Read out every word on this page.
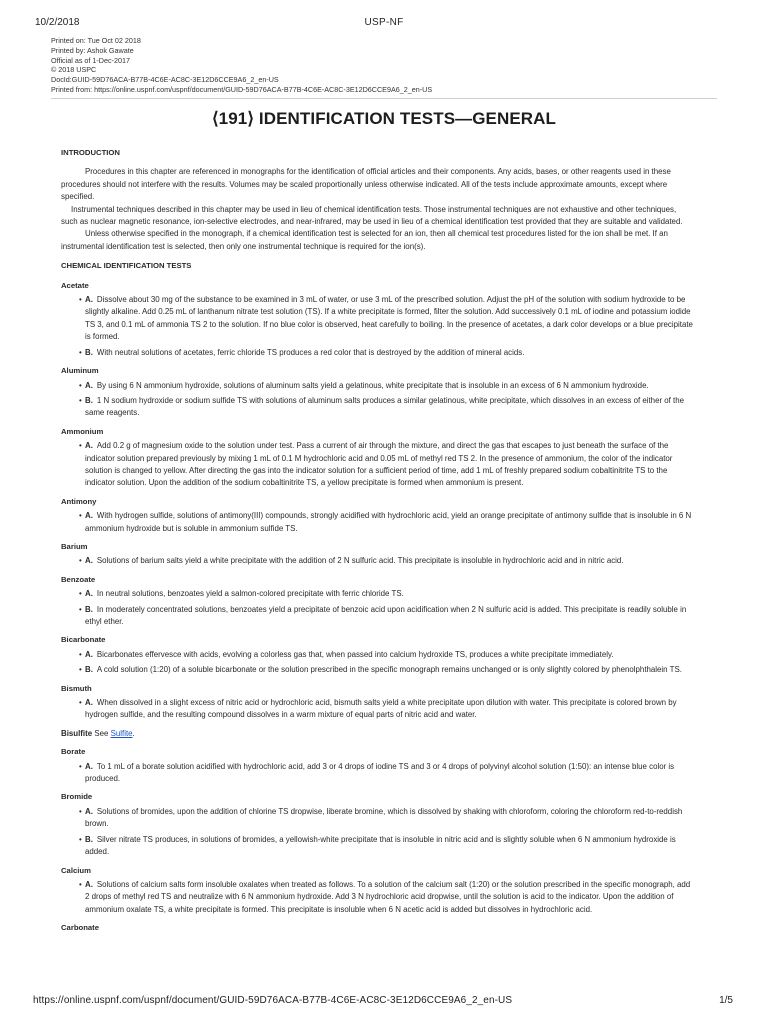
10/2/2018	USP-NF
Printed on: Tue Oct 02 2018
Printed by: Ashok Gawate
Official as of 1-Dec-2017
© 2018 USPC
DocId:GUID-59D76ACA-B77B-4C6E-AC8C-3E12D6CCE9A6_2_en-US
Printed from: https://online.uspnf.com/uspnf/document/GUID-59D76ACA-B77B-4C6E-AC8C-3E12D6CCE9A6_2_en-US
⟨191⟩ IDENTIFICATION TESTS—GENERAL
INTRODUCTION

Procedures in this chapter are referenced in monographs for the identification of official articles and their components. Any acids, bases, or other reagents used in these procedures should not interfere with the results. Volumes may be scaled proportionally unless otherwise indicated. All of the tests include approximate amounts, except where specified.

Instrumental techniques described in this chapter may be used in lieu of chemical identification tests. Those instrumental techniques are not exhaustive and other techniques, such as nuclear magnetic resonance, ion-selective electrodes, and near-infrared, may be used in lieu of a chemical identification test provided that they are suitable and validated.

Unless otherwise specified in the monograph, if a chemical identification test is selected for an ion, then all chemical test procedures listed for the ion shall be met. If an instrumental identification test is selected, then only one instrumental technique is required for the ion(s).

CHEMICAL IDENTIFICATION TESTS
Acetate
• A. Dissolve about 30 mg of the substance to be examined in 3 mL of water, or use 3 mL of the prescribed solution. Adjust the pH of the solution with sodium hydroxide to be slightly alkaline. Add 0.25 mL of lanthanum nitrate test solution (TS). If a white precipitate is formed, filter the solution. Add successively 0.1 mL of iodine and potassium iodide TS 3, and 0.1 mL of ammonia TS 2 to the solution. If no blue color is observed, heat carefully to boiling. In the presence of acetates, a dark color develops or a blue precipitate is formed.
• B. With neutral solutions of acetates, ferric chloride TS produces a red color that is destroyed by the addition of mineral acids.
Aluminum
• A. By using 6 N ammonium hydroxide, solutions of aluminum salts yield a gelatinous, white precipitate that is insoluble in an excess of 6 N ammonium hydroxide.
• B. 1 N sodium hydroxide or sodium sulfide TS with solutions of aluminum salts produces a similar gelatinous, white precipitate, which dissolves in an excess of either of the same reagents.
Ammonium
• A. Add 0.2 g of magnesium oxide to the solution under test. Pass a current of air through the mixture, and direct the gas that escapes to just beneath the surface of the indicator solution prepared previously by mixing 1 mL of 0.1 M hydrochloric acid and 0.05 mL of methyl red TS 2. In the presence of ammonium, the color of the indicator solution is changed to yellow. After directing the gas into the indicator solution for a sufficient period of time, add 1 mL of freshly prepared sodium cobaltinitrite TS to the indicator solution. Upon the addition of the sodium cobaltinitrite TS, a yellow precipitate is formed when ammonium is present.
Antimony
• A. With hydrogen sulfide, solutions of antimony(III) compounds, strongly acidified with hydrochloric acid, yield an orange precipitate of antimony sulfide that is insoluble in 6 N ammonium hydroxide but is soluble in ammonium sulfide TS.
Barium
• A. Solutions of barium salts yield a white precipitate with the addition of 2 N sulfuric acid. This precipitate is insoluble in hydrochloric acid and in nitric acid.
Benzoate
• A. In neutral solutions, benzoates yield a salmon-colored precipitate with ferric chloride TS.
• B. In moderately concentrated solutions, benzoates yield a precipitate of benzoic acid upon acidification when 2 N sulfuric acid is added. This precipitate is readily soluble in ethyl ether.
Bicarbonate
• A. Bicarbonates effervesce with acids, evolving a colorless gas that, when passed into calcium hydroxide TS, produces a white precipitate immediately.
• B. A cold solution (1:20) of a soluble bicarbonate or the solution prescribed in the specific monograph remains unchanged or is only slightly colored by phenolphthalein TS.
Bismuth
• A. When dissolved in a slight excess of nitric acid or hydrochloric acid, bismuth salts yield a white precipitate upon dilution with water. This precipitate is colored brown by hydrogen sulfide, and the resulting compound dissolves in a warm mixture of equal parts of nitric acid and water.
Bisulfite See Sulfite.
Borate
• A. To 1 mL of a borate solution acidified with hydrochloric acid, add 3 or 4 drops of iodine TS and 3 or 4 drops of polyvinyl alcohol solution (1:50): an intense blue color is produced.
Bromide
• A. Solutions of bromides, upon the addition of chlorine TS dropwise, liberate bromine, which is dissolved by shaking with chloroform, coloring the chloroform red-to-reddish brown.
• B. Silver nitrate TS produces, in solutions of bromides, a yellowish-white precipitate that is insoluble in nitric acid and is slightly soluble when 6 N ammonium hydroxide is added.
Calcium
• A. Solutions of calcium salts form insoluble oxalates when treated as follows. To a solution of the calcium salt (1:20) or the solution prescribed in the specific monograph, add 2 drops of methyl red TS and neutralize with 6 N ammonium hydroxide. Add 3 N hydrochloric acid dropwise, until the solution is acid to the indicator. Upon the addition of ammonium oxalate TS, a white precipitate is formed. This precipitate is insoluble when 6 N acetic acid is added but dissolves in hydrochloric acid.
Carbonate
https://online.uspnf.com/uspnf/document/GUID-59D76ACA-B77B-4C6E-AC8C-3E12D6CCE9A6_2_en-US	1/5
